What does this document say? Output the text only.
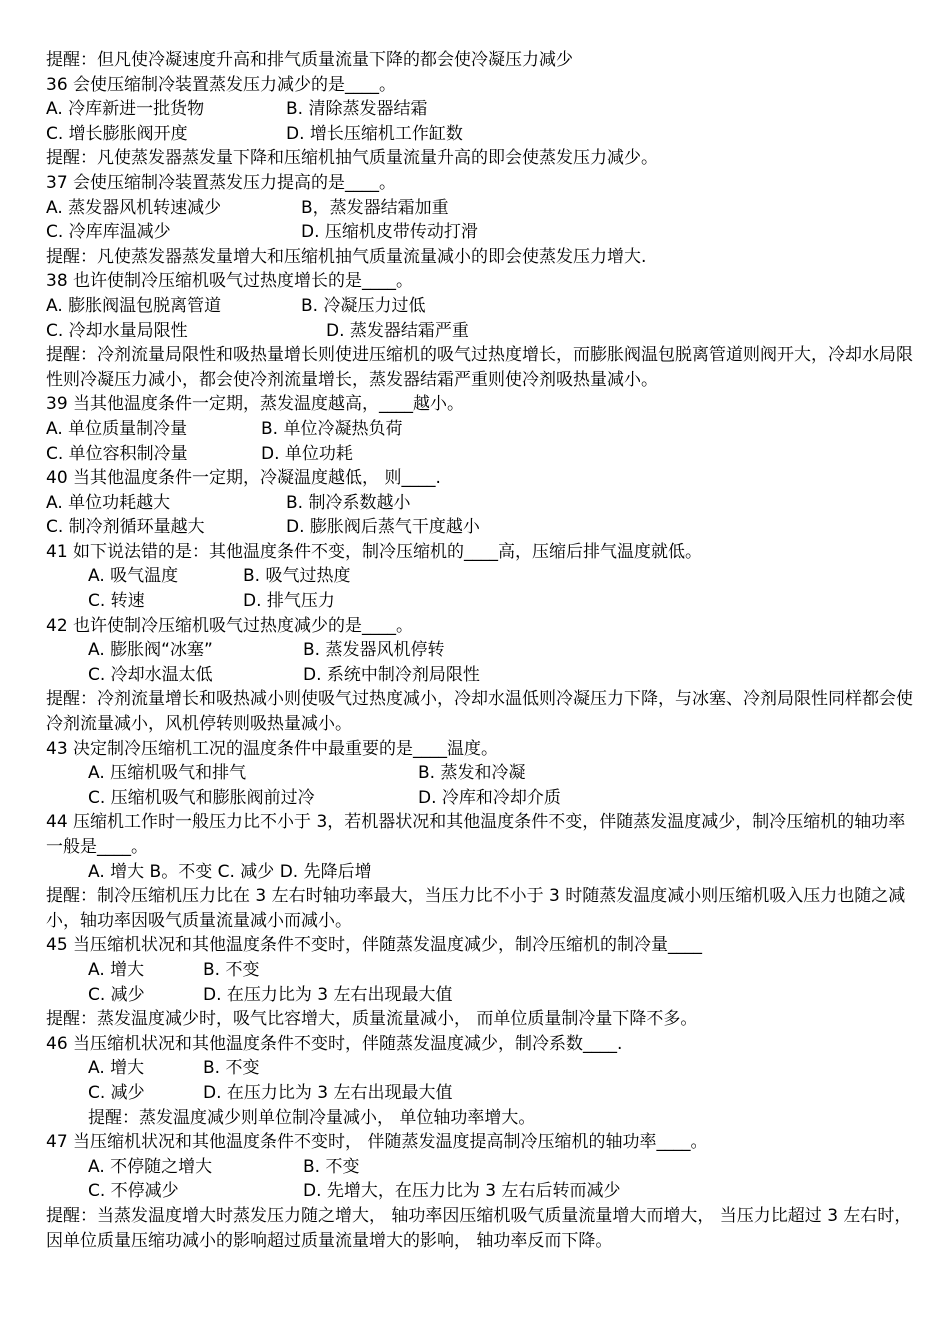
提醒：但凡使冷凝速度升高和排气质量流量下降的都会使冷凝压力减少
36 会使压缩制冷装置蒸发压力减少的是____。
A. 冷库新进一批货物	B. 清除蒸发器结霜
C. 增长膨胀阀开度	D. 增长压缩机工作缸数
提醒：凡使蒸发器蒸发量下降和压缩机抽气质量流量升高的即会使蒸发压力减少。
37 会使压缩制冷装置蒸发压力提高的是____。
A. 蒸发器风机转速减少	B，蒸发器结霜加重
C. 冷库库温减少	D. 压缩机皮带传动打滑
提醒：凡使蒸发器蒸发量增大和压缩机抽气质量流量减小的即会使蒸发压力增大.
38 也许使制冷压缩机吸气过热度增长的是____。
A. 膨胀阀温包脱离管道	B. 冷凝压力过低
C. 冷却水量局限性	D. 蒸发器结霜严重
提醒：冷剂流量局限性和吸热量增长则使进压缩机的吸气过热度增长，而膨胀阀温包脱离管道则阀开大，冷却水局限性则冷凝压力减小，都会使冷剂流量增长，蒸发器结霜严重则使冷剂吸热量减小。
39 当其他温度条件一定期，蒸发温度越高，____越小。
A. 单位质量制冷量	B. 单位冷凝热负荷
C. 单位容积制冷量	D. 单位功耗
40 当其他温度条件一定期，冷凝温度越低， 则____.
A. 单位功耗越大	B. 制冷系数越小
C. 制冷剂循环量越大	D. 膨胀阀后蒸气干度越小
41 如下说法错的是：其他温度条件不变，制冷压缩机的____高，压缩后排气温度就低。
A. 吸气温度	B. 吸气过热度
C. 转速	D. 排气压力
42 也许使制冷压缩机吸气过热度减少的是____。
A. 膨胀阀“冰塞”	B. 蒸发器风机停转
C. 冷却水温太低	D. 系统中制冷剂局限性
提醒：冷剂流量增长和吸热减小则使吸气过热度减小，冷却水温低则冷凝压力下降，与冰塞、冷剂局限性同样都会使冷剂流量减小，风机停转则吸热量减小。
43 决定制冷压缩机工况的温度条件中最重要的是____温度。
A. 压缩机吸气和排气	B. 蒸发和冷凝
C. 压缩机吸气和膨胀阀前过冷	D. 冷库和冷却介质
44 压缩机工作时一般压力比不小于 3，若机器状况和其他温度条件不变，伴随蒸发温度减少，制冷压缩机的轴功率一般是____。
A. 增大 B。不变 C. 减少 D. 先降后增
提醒：制冷压缩机压力比在 3 左右时轴功率最大，当压力比不小于 3 时随蒸发温度减小则压缩机吸入压力也随之减小，轴功率因吸气质量流量减小而减小。
45 当压缩机状况和其他温度条件不变时，伴随蒸发温度减少，制冷压缩机的制冷量____
A. 增大	B. 不变
C. 减少	D. 在压力比为 3 左右出现最大值
提醒：蒸发温度减少时，吸气比容增大，质量流量减小， 而单位质量制冷量下降不多。
46 当压缩机状况和其他温度条件不变时，伴随蒸发温度减少，制冷系数____.
A. 增大	B. 不变
C. 减少	D. 在压力比为 3 左右出现最大值
提醒：蒸发温度减少则单位制冷量减小， 单位轴功率增大。
47 当压缩机状况和其他温度条件不变时， 伴随蒸发温度提高制冷压缩机的轴功率____。
A. 不停随之增大	B. 不变
C. 不停减少	D. 先增大，在压力比为 3 左右后转而减少
提醒：当蒸发温度增大时蒸发压力随之增大， 轴功率因压缩机吸气质量流量增大而增大， 当压力比超过 3 左右时， 因单位质量压缩功减小的影响超过质量流量增大的影响， 轴功率反而下降。
